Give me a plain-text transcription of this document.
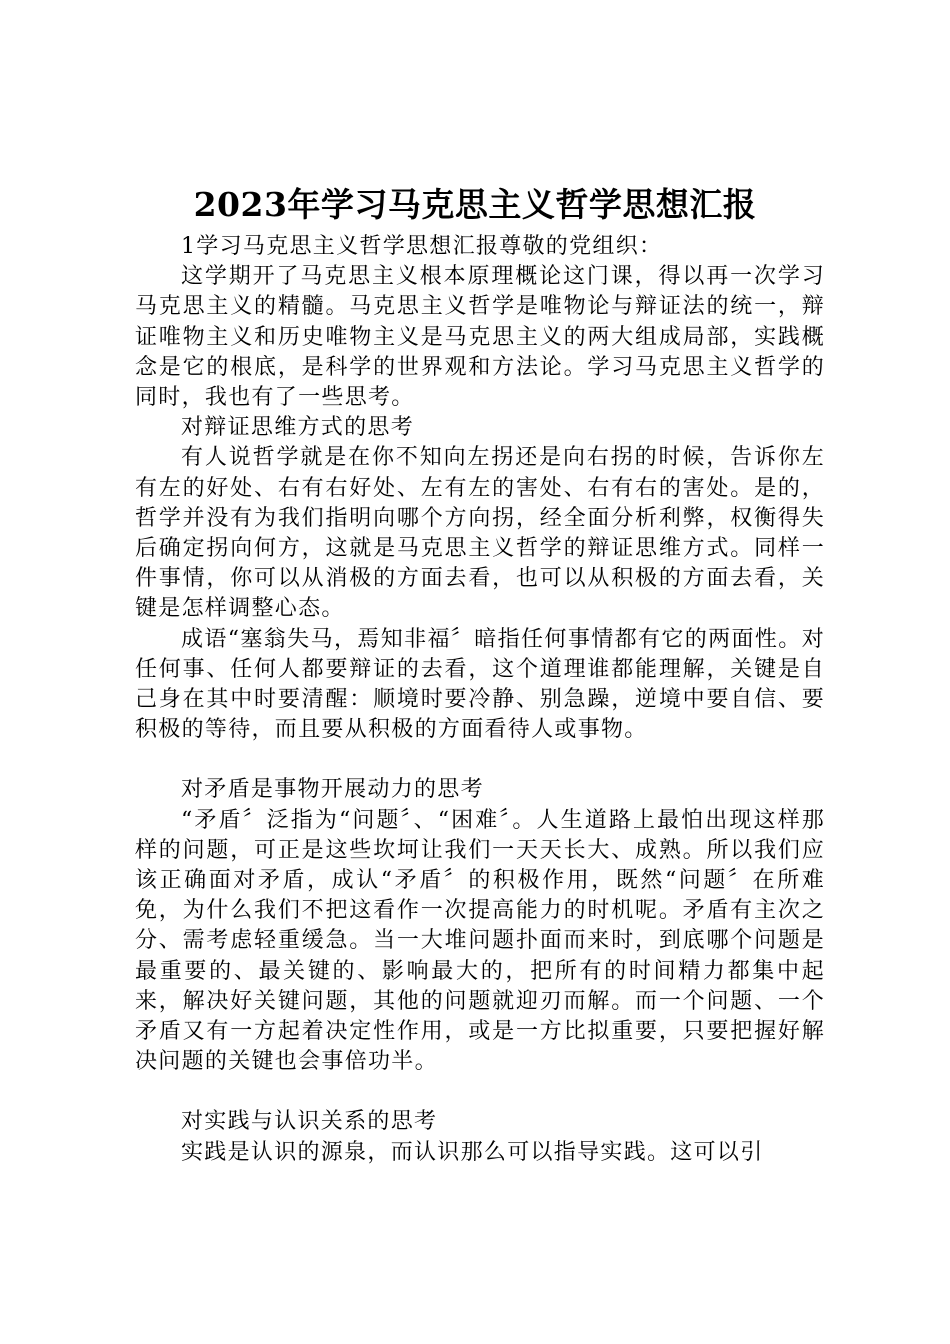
2023年学习马克思主义哲学思想汇报

1学习马克思主义哲学思想汇报尊敬的党组织：

这学期开了马克思主义根本原理概论这门课，得以再一次学习马克思主义的精髓。马克思主义哲学是唯物论与辩证法的统一，辩证唯物主义和历史唯物主义是马克思主义的两大组成局部，实践概念是它的根底，是科学的世界观和方法论。学习马克思主义哲学的同时，我也有了一些思考。

对辩证思维方式的思考

有人说哲学就是在你不知向左拐还是向右拐的时候，告诉你左有左的好处、右有右好处、左有左的害处、右有右的害处。是的，哲学并没有为我们指明向哪个方向拐，经全面分析利弊，权衡得失后确定拐向何方，这就是马克思主义哲学的辩证思维方式。同样一件事情，你可以从消极的方面去看，也可以从积极的方面去看，关键是怎样调整心态。

成语“塞翁失马，焉知非福〞暗指任何事情都有它的两面性。对任何事、任何人都要辩证的去看，这个道理谁都能理解，关键是自己身在其中时要清醒：顺境时要冷静、别急躁，逆境中要自信、要积极的等待，而且要从积极的方面看待人或事物。

对矛盾是事物开展动力的思考

“矛盾〞泛指为“问题〞、“困难〞。人生道路上最怕出现这样那样的问题，可正是这些坎坷让我们一天天长大、成熟。所以我们应该正确面对矛盾，成认“矛盾〞的积极作用，既然“问题〞在所难免，为什么我们不把这看作一次提高能力的时机呢。矛盾有主次之分、需考虑轻重缓急。当一大堆问题扑面而来时，到底哪个问题是最重要的、最关键的、影响最大的，把所有的时间精力都集中起来，解决好关键问题，其他的问题就迎刃而解。而一个问题、一个矛盾又有一方起着决定性作用，或是一方比拟重要，只要把握好解决问题的关键也会事倍功半。

对实践与认识关系的思考

实践是认识的源泉，而认识那么可以指导实践。这可以引
